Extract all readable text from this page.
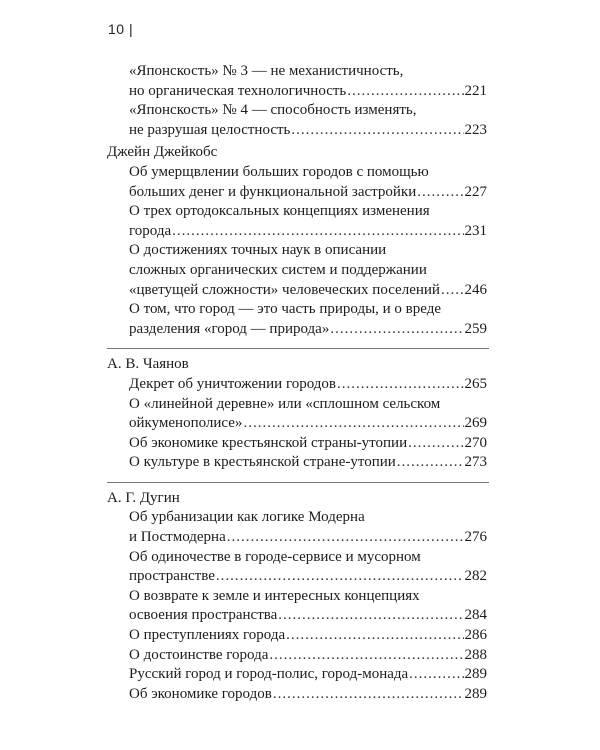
10 |
«Японскость» № 3 — не механистичность,
но органическая технологичность .....	221
«Японскость» № 4 — способность изменять,
не разрушая целостность .....	223
Джейн Джейкобс
Об умерщвлении больших городов с помощью
больших денег и функциональной застройки .....	227
О трех ортодоксальных концепциях изменения
города .....	231
О достижениях точных наук в описании
сложных органических систем и поддержании
«цветущей сложности» человеческих поселений ..... 246
О том, что город — это часть природы, и о вреде
разделения «город — природа» .....	259
А. В. Чаянов
Декрет об уничтожении городов .....	265
О «линейной деревне» или «сплошном сельском
ойкуменополисе» .....	269
Об экономике крестьянской страны-утопии .....	270
О культуре в крестьянской стране-утопии .....	273
А. Г. Дугин
Об урбанизации как логике Модерна
и Постмодерна .....	276
Об одиночестве в городе-сервисе и мусорном
пространстве .....	282
О возврате к земле и интересных концепциях
освоения пространства .....	284
О преступлениях города .....	286
О достоинстве города .....	288
Русский город и город-полис, город-монада .....	289
Об экономике городов .....	289
